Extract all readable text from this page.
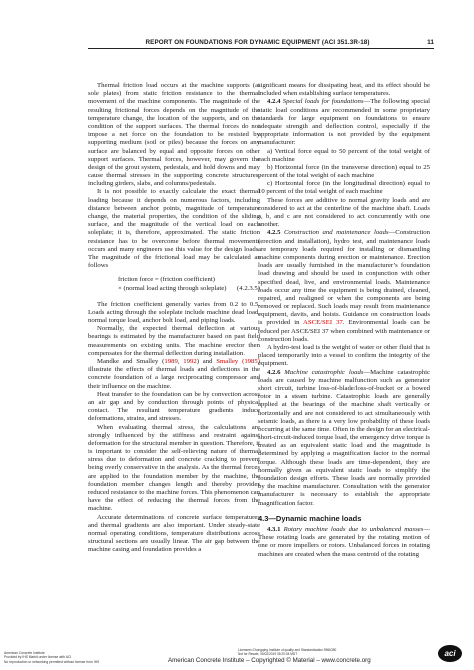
REPORT ON FOUNDATIONS FOR DYNAMIC EQUIPMENT (ACI 351.3R-18)	11

Thermal friction load occurs at the machine supports (at sole plates) from static friction resistance to the thermal movement of the machine components. The magnitude of the resulting frictional forces depends on the magnitude of the temperature change, the location of the supports, and on the condition of the support surfaces. The thermal forces do not impose a net force on the foundation to be resisted by supporting medium (soil or piles) because the forces on any surface are balanced by equal and opposite forces on other support surfaces. Thermal forces, however, may govern the design of the grout system, pedestals, and hold downs and may cause thermal stresses in the supporting concrete structures, including girders, slabs, and columns/pedestals.

It is not possible to exactly calculate the exact thermal loading because it depends on numerous factors, including distance between anchor points, magnitude of temperature change, the material properties, the condition of the sliding surface, and the magnitude of the vertical load on each soleplate; it is, therefore, approximated. The static friction resistance has to be overcome before thermal movements occurs and many engineers use this value for the design loads. The magnitude of the frictional load may be calculated as follows

friction force = (friction coefficient)
× (normal load acting through soleplate) (4.2.3.5)

The friction coefficient generally varies from 0.2 to 0.5. Loads acting through the soleplate include machine dead load, normal torque load, anchor bolt load, and piping loads.

Normally, the expected thermal deflection at various bearings is estimated by the manufacturer based on past field measurements on existing units. The machine erector then compensates for the thermal deflection during installation.

Mandke and Smalley (1989, 1992) and Smalley (1985) illustrate the effects of thermal loads and deflections in the concrete foundation of a large reciprocating compressor and their influence on the machine.

Heat transfer to the foundation can be by convection across an air gap and by conduction through points of physical contact. The resultant temperature gradients induce deformations, strains, and stresses.

When evaluating thermal stress, the calculations are strongly influenced by the stiffness and restraint against deformation for the structural member in question. Therefore, it is important to consider the self-relieving nature of thermal stress due to deformation and concrete cracking to prevent being overly conservative in the analysis. As the thermal forces are applied to the foundation member by the machine, the foundation member changes length and thereby provides reduced resistance to the machine forces. This phenomenon can have the effect of reducing the thermal forces from the machine.

Accurate determinations of concrete surface temperatures and thermal gradients are also important. Under steady-state normal operating conditions, temperature distributions across structural sections are usually linear. The air gap between the machine casing and foundation provides a

significant means for dissipating heat, and its effect should be included when establishing surface temperatures.

4.2.4 Special loads for foundations—The following special static load conditions are recommended in some proprietary standards for large equipment on foundations to ensure adequate strength and deflection control, especially if the appropriate information is not provided by the equipment manufacturer:

a) Vertical force equal to 50 percent of the total weight of each machine

b) Horizontal force (in the transverse direction) equal to 25 percent of the total weight of each machine

c) Horizontal force (in the longitudinal direction) equal to 10 percent of the total weight of each machine

These forces are additive to normal gravity loads and are considered to act at the centerline of the machine shaft. Loads a, b, and c are not considered to act concurrently with one another.

4.2.5 Construction and maintenance loads—Construction (erection and installation), hydro test, and maintenance loads are temporary loads required for installing or dismantling machine components during erection or maintenance. Erection loads are usually furnished in the manufacturer’s foundation load drawing and should be used in conjunction with other specified dead, live, and environmental loads. Maintenance loads occur any time the equipment is being drained, cleaned, repaired, and realigned or when the components are being removed or replaced. Such loads may result from maintenance equipment, davits, and hoists. Guidance on construction loads is provided in ASCE/SEI 37. Environmental loads can be reduced per ASCE/SEI 37 when combined with maintenance or construction loads.

A hydro-test load is the weight of water or other fluid that is placed temporarily into a vessel to confirm the integrity of the equipment.

4.2.6 Machine catastrophic loads—Machine catastrophic loads are caused by machine malfunction such as generator short circuit, turbine loss-of-blade/loss-of-bucket or a bowed rotor in a steam turbine. Catastrophic loads are generally applied at the bearings of the machine shaft vertically or horizontally and are not considered to act simultaneously with seismic loads, as there is a very low probability of these loads occurring at the same time. Often in the design for an electrical-short-circuit-induced torque load, the emergency drive torque is treated as an equivalent static load and the magnitude is determined by applying a magnification factor to the normal torque. Although these loads are time-dependent, they are normally given as equivalent static loads to simplify the foundation design efforts. These loads are normally provided by the machine manufacturer. Consultation with the generator manufacturer is necessary to establish the appropriate magnification factor.

4.3—Dynamic machine loads

4.3.1 Rotary machine loads due to unbalanced masses—These rotating loads are generated by the rotating motion of one or more impellers or rotors. Unbalanced forces in rotating machines are created when the mass centroid of the rotating

American Concrete Institute
Provided by IHS Markit under license with ACI
No reproduction or networking permitted without license from IHS
Licensee=Chongqing Institute of quality and Standardization 5966390
Not for Resale, 05/02/2019 05:20:04 MDT
American Concrete Institute – Copyrighted © Material – www.concrete.org
aci
